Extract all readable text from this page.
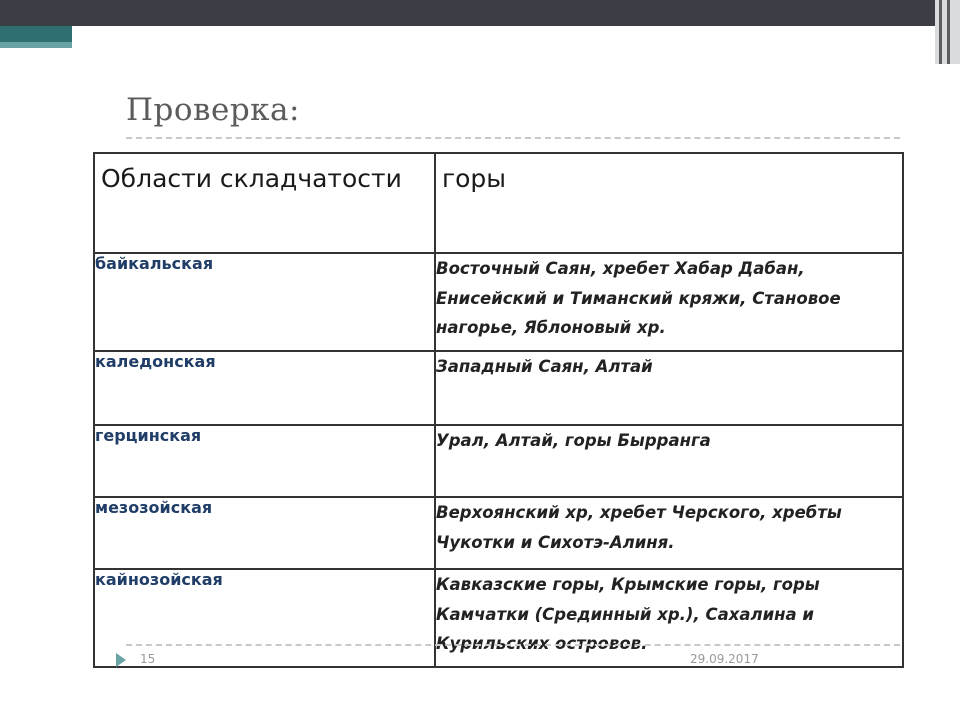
Проверка:
Области складчатости	горы
байкальская	Восточный Саян, хребет Хабар Дабан, Енисейский и Тиманский кряжи, Становое нагорье, Яблоновый хр.
каледонская	Западный Саян, Алтай
герцинская	Урал, Алтай, горы Бырранга
мезозойская	Верхоянский хр, хребет Черского, хребты Чукотки и Сихотэ-Алиня.
кайнозойская	Кавказские горы, Крымские горы, горы Камчатки (Срединный хр.), Сахалина и Курильских островов.
15	29.09.2017
